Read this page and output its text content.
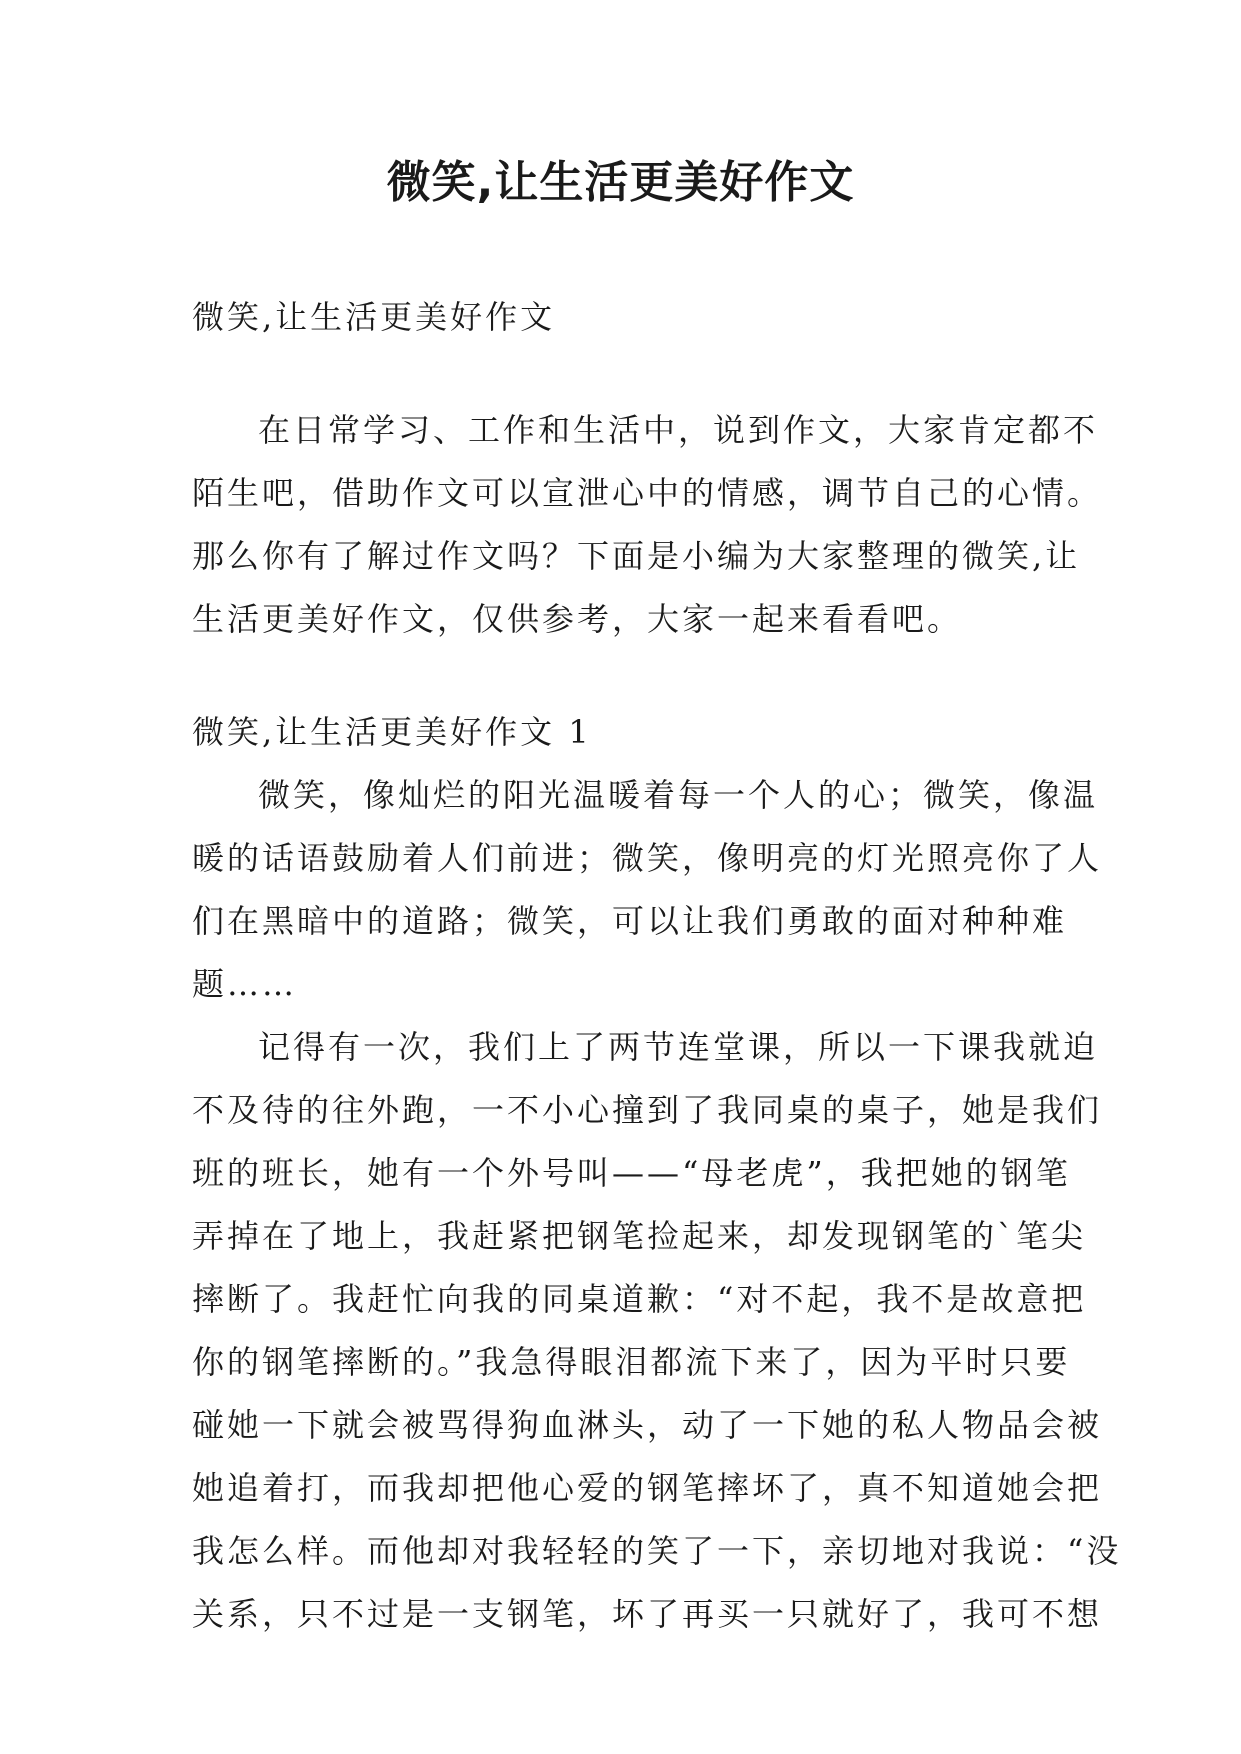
微笑,让生活更美好作文

微笑,让生活更美好作文

在日常学习、工作和生活中，说到作文，大家肯定都不

陌生吧，借助作文可以宣泄心中的情感，调节自己的心情。

那么你有了解过作文吗？下面是小编为大家整理的微笑,让

生活更美好作文，仅供参考，大家一起来看看吧。

微笑,让生活更美好作文 1

微笑，像灿烂的阳光温暖着每一个人的心；微笑，像温

暖的话语鼓励着人们前进；微笑，像明亮的灯光照亮你了人

们在黑暗中的道路；微笑，可以让我们勇敢的面对种种难

题……

记得有一次，我们上了两节连堂课，所以一下课我就迫

不及待的往外跑，一不小心撞到了我同桌的桌子，她是我们

班的班长，她有一个外号叫——“母老虎”，我把她的钢笔

弄掉在了地上，我赶紧把钢笔捡起来，却发现钢笔的`笔尖

摔断了。我赶忙向我的同桌道歉：“对不起，我不是故意把

你的钢笔摔断的。”我急得眼泪都流下来了，因为平时只要

碰她一下就会被骂得狗血淋头，动了一下她的私人物品会被

她追着打，而我却把他心爱的钢笔摔坏了，真不知道她会把

我怎么样。而他却对我轻轻的笑了一下，亲切地对我说：“没

关系，只不过是一支钢笔，坏了再买一只就好了，我可不想
